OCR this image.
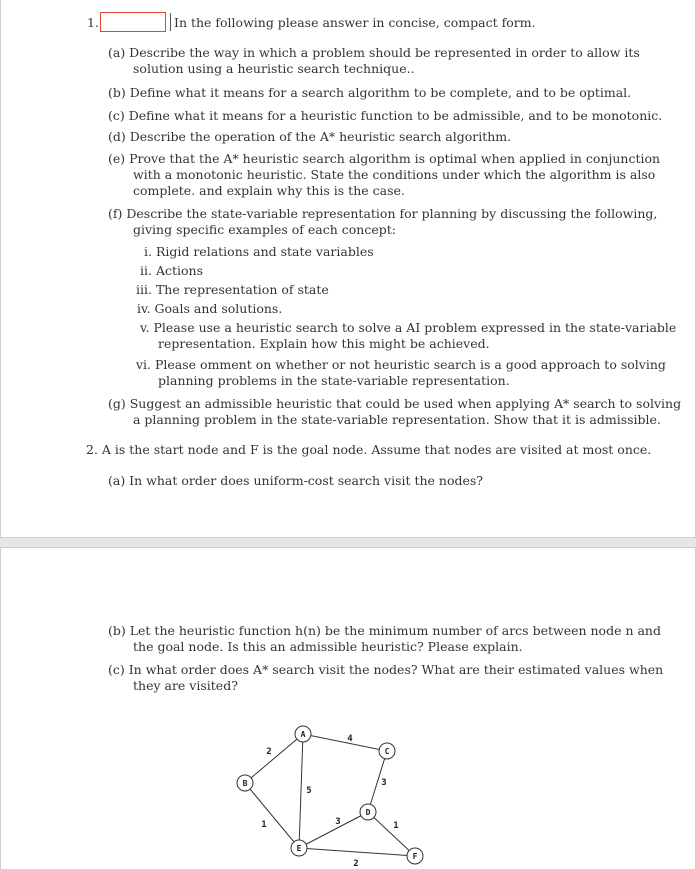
1.	In the following please answer in concise, compact form.
(a) Describe the way in which a problem should be represented in order to allow its
solution using a heuristic search technique..
(b) Define what it means for a search algorithm to be complete, and to be optimal.
(c) Define what it means for a heuristic function to be admissible, and to be monotonic.
(d) Describe the operation of the A* heuristic search algorithm.
(e) Prove that the A* heuristic search algorithm is optimal when applied in conjunction
with a monotonic heuristic. State the conditions under which the algorithm is also
complete. and explain why this is the case.
(f) Describe the state-variable representation for planning by discussing the following,
giving specific examples of each concept:
i. Rigid relations and state variables
ii. Actions
iii. The representation of state
iv. Goals and solutions.
v. Please use a heuristic search to solve a AI problem expressed in the state-variable
representation. Explain how this might be achieved.
vi. Please omment on whether or not heuristic search is a good approach to solving
planning problems in the state-variable representation.
(g) Suggest an admissible heuristic that could be used when applying A* search to solving
a planning problem in the state-variable representation. Show that it is admissible.
2. A is the start node and F is the goal node. Assume that nodes are visited at most once.
(a) In what order does uniform-cost search visit the nodes?
(b) Let the heuristic function h(n) be the minimum number of arcs between node n and
the goal node. Is this an admissible heuristic? Please explain.
(c) In what order does A* search visit the nodes? What are their estimated values when
they are visited?
A
B
C
D
E
F
2
4
5
1
3
3	1
2
